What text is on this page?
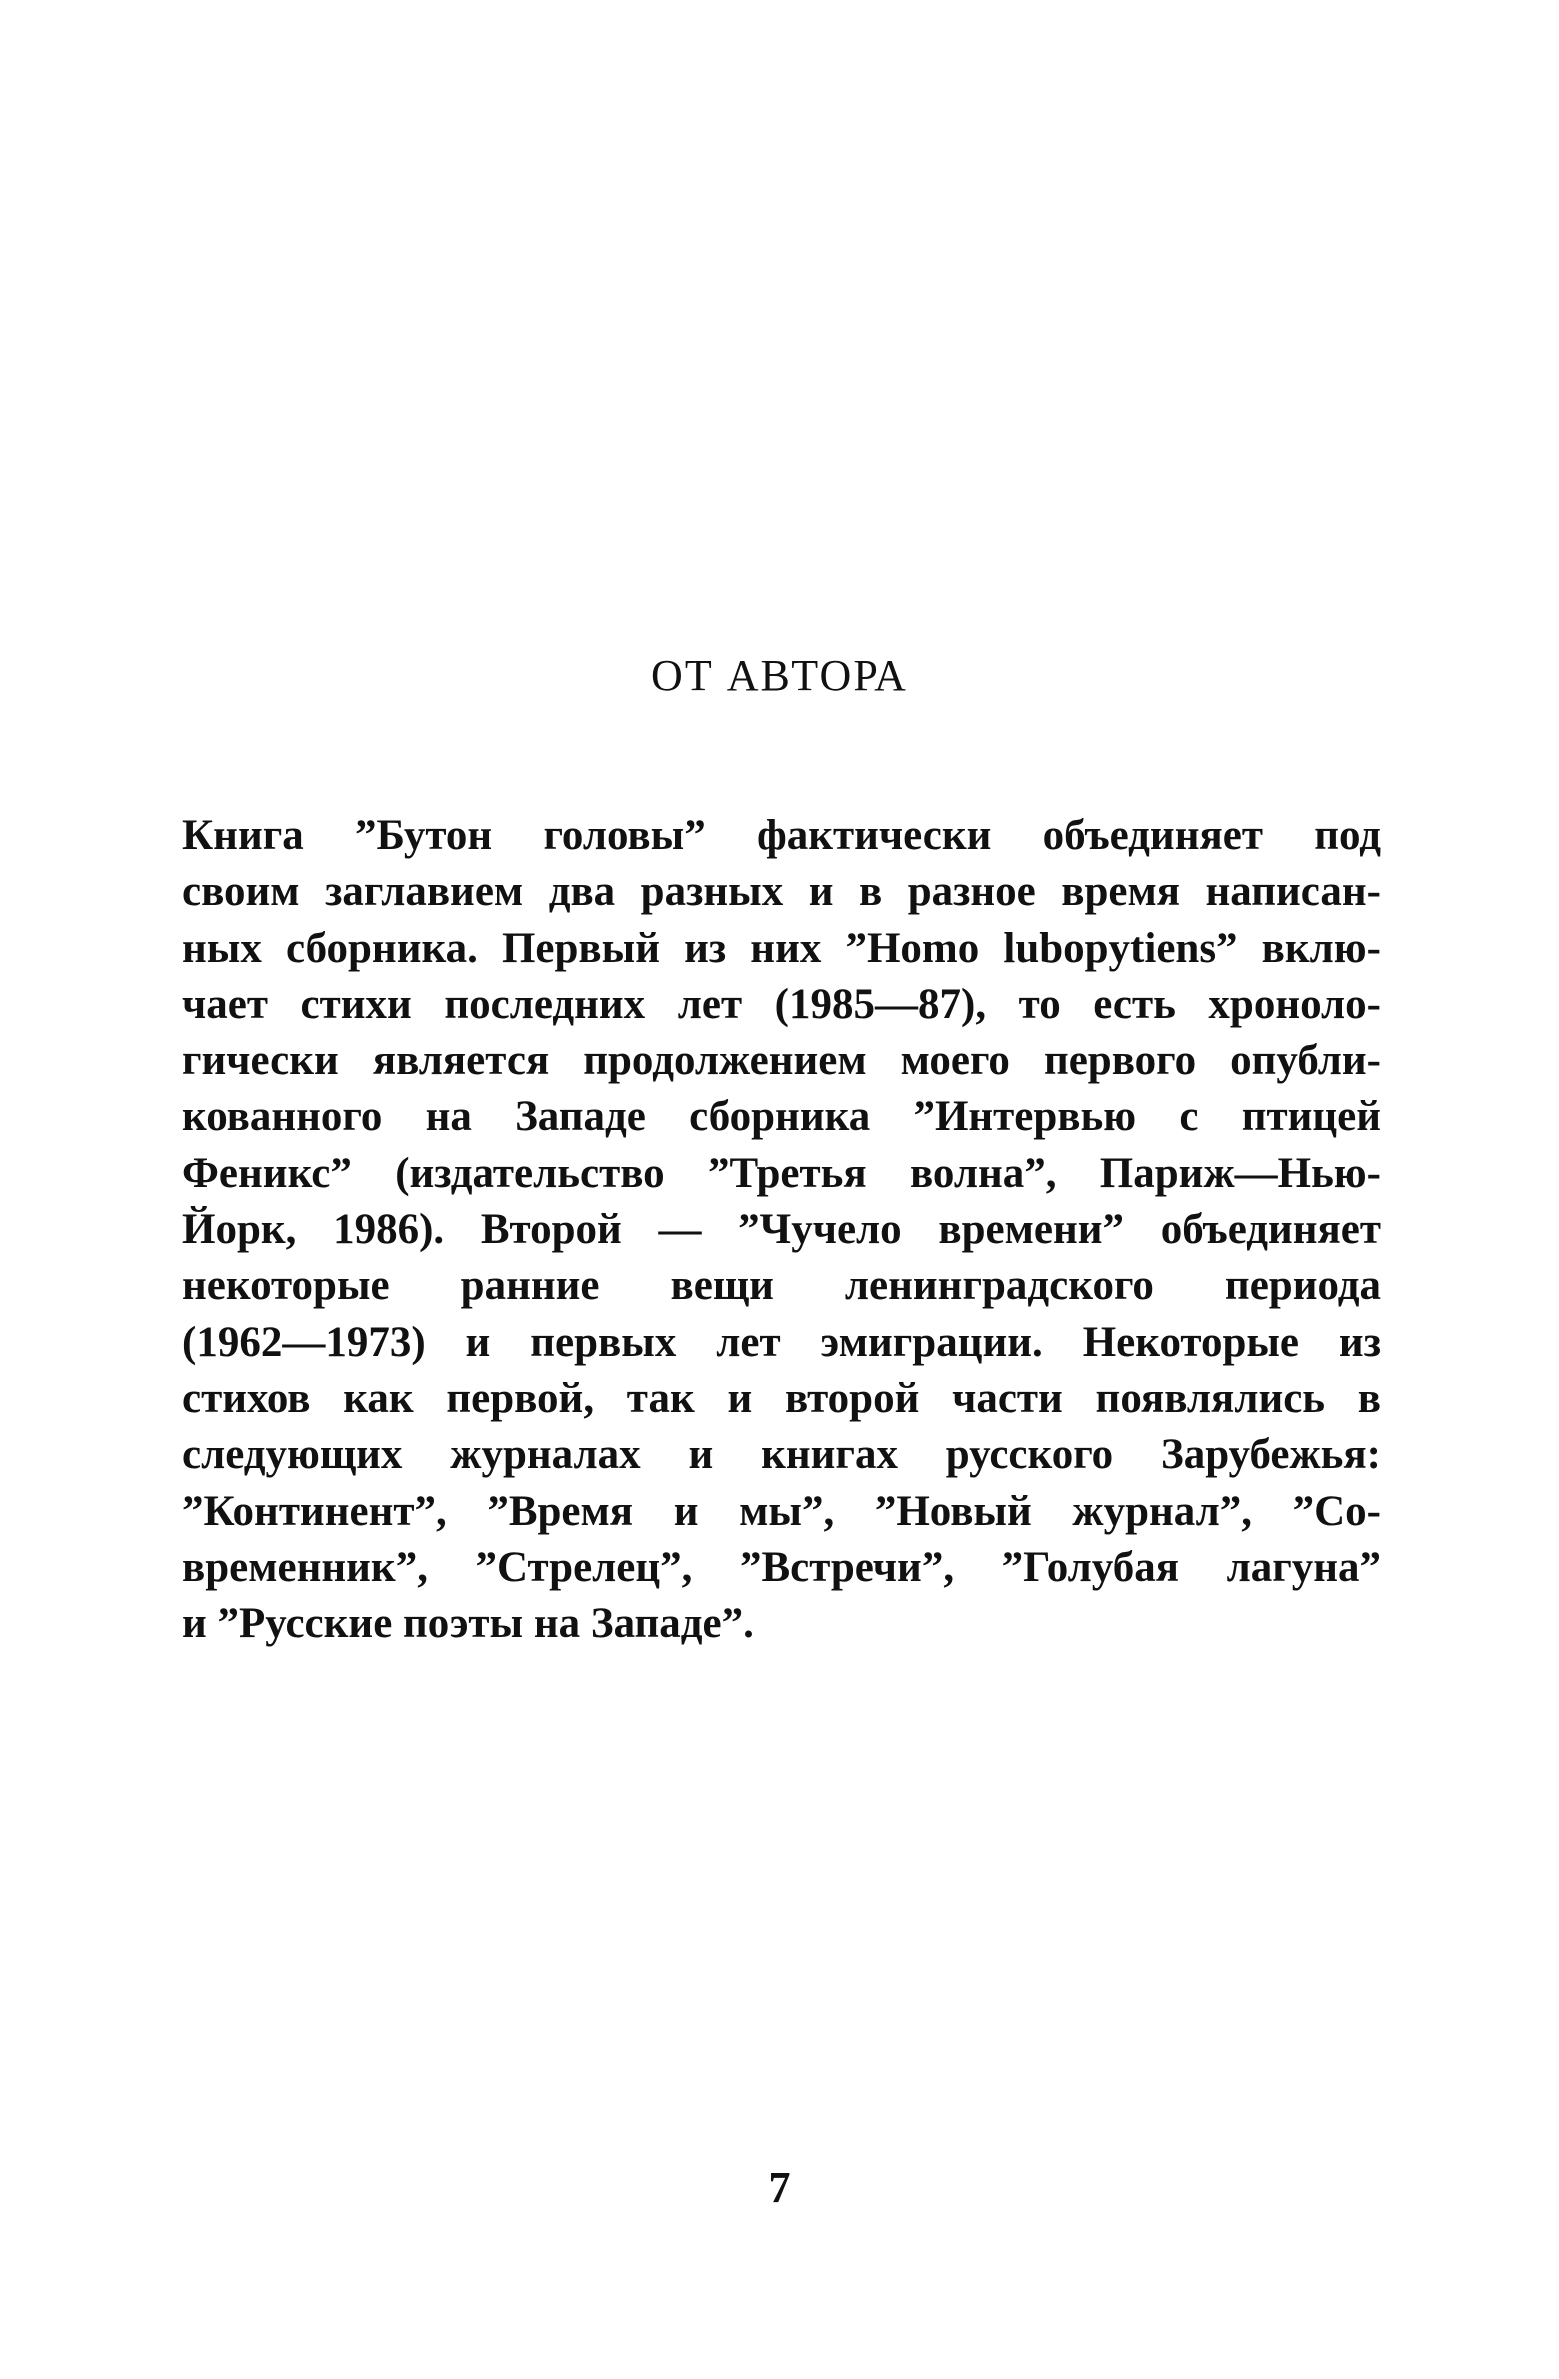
ОТ АВТОРА
Книга ”Бутон головы” фактически объединяет под
своим заглавием два разных и в разное время написан-
ных сборника. Первый из них ”Homo lubopytiens” вклю-
чает стихи последних лет (1985—87), то есть хроноло-
гически является продолжением моего первого опубли-
кованного на Западе сборника ”Интервью с птицей
Феникс” (издательство ”Третья волна”, Париж—Нью-
Йорк, 1986). Второй — ”Чучело времени” объединяет
некоторые ранние вещи ленинградского периода
(1962—1973) и первых лет эмиграции. Некоторые из
стихов как первой, так и второй части появлялись в
следующих журналах и книгах русского Зарубежья:
”Континент”, ”Время и мы”, ”Новый журнал”, ”Со-
временник”, ”Стрелец”, ”Встречи”, ”Голубая лагуна”
и ”Русские поэты на Западе”.
7
